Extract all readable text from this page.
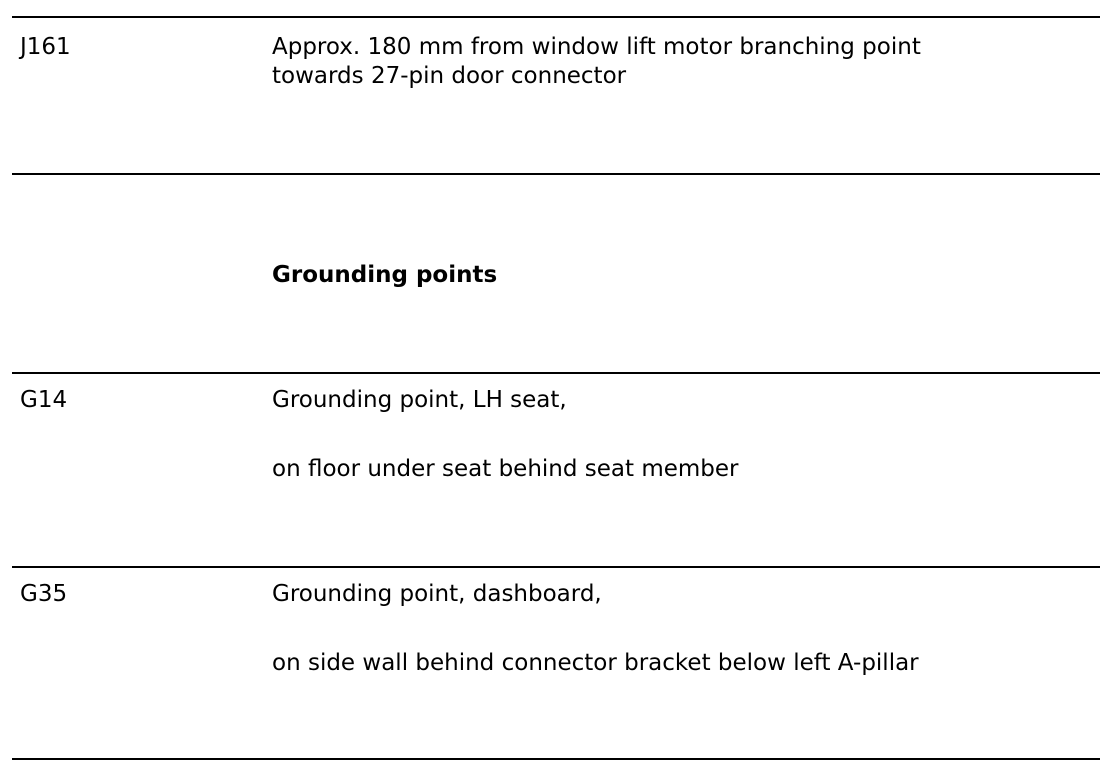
J161	Approx. 180 mm from window lift motor branching point
towards 27-pin door connector
Grounding points
G14	Grounding point, LH seat,
on floor under seat behind seat member
G35	Grounding point, dashboard,
on side wall behind connector bracket below left A-pillar
